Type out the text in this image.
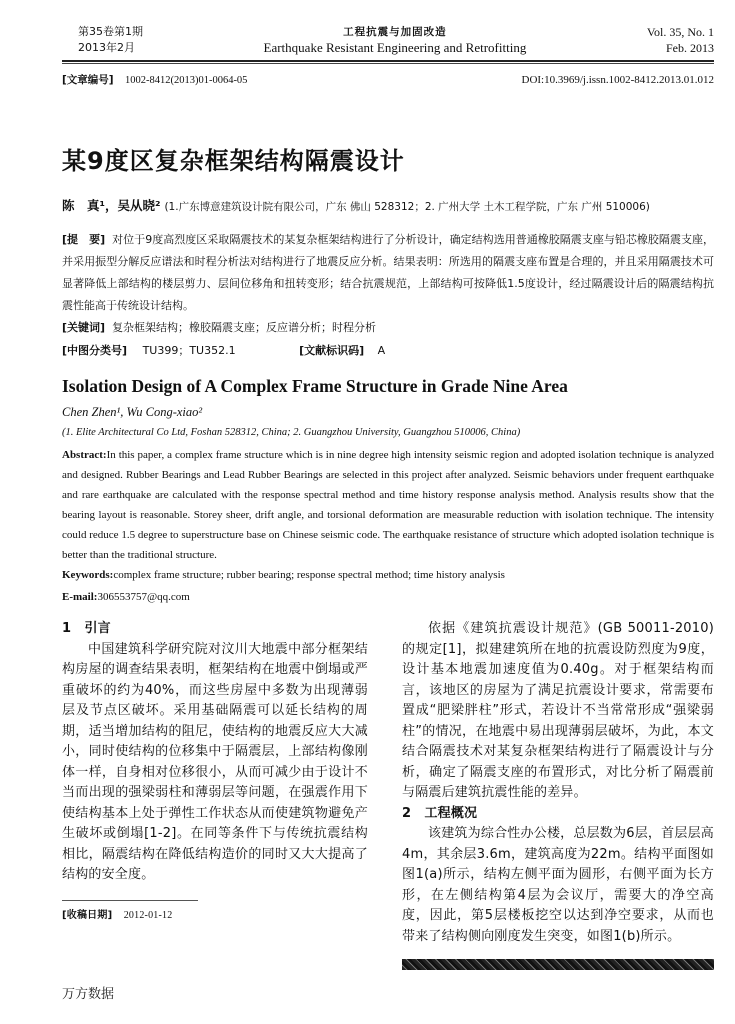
第35卷第1期
2013年2月
工程抗震与加固改造
Earthquake Resistant Engineering and Retrofitting
Vol. 35, No. 1
Feb. 2013
[文章编号] 1002-8412(2013)01-0064-05	DOI:10.3969/j.issn.1002-8412.2013.01.012
某9度区复杂框架结构隔震设计
陈　真¹，吴从晓² (1.广东博意建筑设计院有限公司，广东 佛山 528312；2. 广州大学 土木工程学院，广东 广州 510006)
[提　要] 对位于9度高烈度区采取隔震技术的某复杂框架结构进行了分析设计，确定结构选用普通橡胶隔震支座与铅芯橡胶隔震支座，并采用振型分解反应谱法和时程分析法对结构进行了地震反应分析。结果表明：所选用的隔震支座布置是合理的，并且采用隔震技术可显著降低上部结构的楼层剪力、层间位移角和扭转变形；结合抗震规范，上部结构可按降低1.5度设计，经过隔震设计后的隔震结构抗震性能高于传统设计结构。
[关键词] 复杂框架结构；橡胶隔震支座；反应谱分析；时程分析
[中图分类号] TU399；TU352.1	[文献标识码] A
Isolation Design of A Complex Frame Structure in Grade Nine Area
Chen Zhen¹, Wu Cong-xiao²
(1. Elite Architectural Co Ltd, Foshan 528312, China; 2. Guangzhou University, Guangzhou 510006, China)
Abstract:In this paper, a complex frame structure which is in nine degree high intensity seismic region and adopted isolation technique is analyzed and designed. Rubber Bearings and Lead Rubber Bearings are selected in this project after analyzed. Seismic behaviors under frequent earthquake and rare earthquake are calculated with the response spectral method and time history response analysis method. Analysis results show that the bearing layout is reasonable. Storey sheer, drift angle, and torsional deformation are measurable reduction with isolation technique. The intensity could reduce 1.5 degree to superstructure base on Chinese seismic code. The earthquake resistance of structure which adopted isolation technique is better than the traditional structure.
Keywords:complex frame structure; rubber bearing; response spectral method; time history analysis
E-mail:306553757@qq.com

1　引言

中国建筑科学研究院对汶川大地震中部分框架结构房屋的调查结果表明，框架结构在地震中倒塌或严重破坏的约为40%，而这些房屋中多数为出现薄弱层及节点区破坏。采用基础隔震可以延长结构的周期，适当增加结构的阻尼，使结构的地震反应大大减小，同时使结构的位移集中于隔震层，上部结构像刚体一样，自身相对位移很小，从而可减少由于设计不当而出现的强梁弱柱和薄弱层等问题，在强震作用下使结构基本上处于弹性工作状态从而使建筑物避免产生破坏或倒塌[1-2]。在同等条件下与传统抗震结构相比，隔震结构在降低结构造价的同时又大大提高了结构的安全度。

[收稿日期] 2012-01-12

依据《建筑抗震设计规范》(GB 50011-2010)的规定[1]，拟建建筑所在地的抗震设防烈度为9度，设计基本地震加速度值为0.40g。对于框架结构而言，该地区的房屋为了满足抗震设计要求，常需要布置成“肥梁胖柱”形式，若设计不当常常形成“强梁弱柱”的情况，在地震中易出现薄弱层破坏，为此，本文结合隔震技术对某复杂框架结构进行了隔震设计与分析，确定了隔震支座的布置形式，对比分析了隔震前与隔震后建筑抗震性能的差异。

2　工程概况

该建筑为综合性办公楼，总层数为6层，首层层高4m，其余层3.6m，建筑高度为22m。结构平面图如图1(a)所示，结构左侧平面为圆形，右侧平面为长方形，在左侧结构第4层为会议厅，需要大的净空高度，因此，第5层楼板挖空以达到净空要求，从而也带来了结构侧向刚度发生突变，如图1(b)所示。

万方数据
